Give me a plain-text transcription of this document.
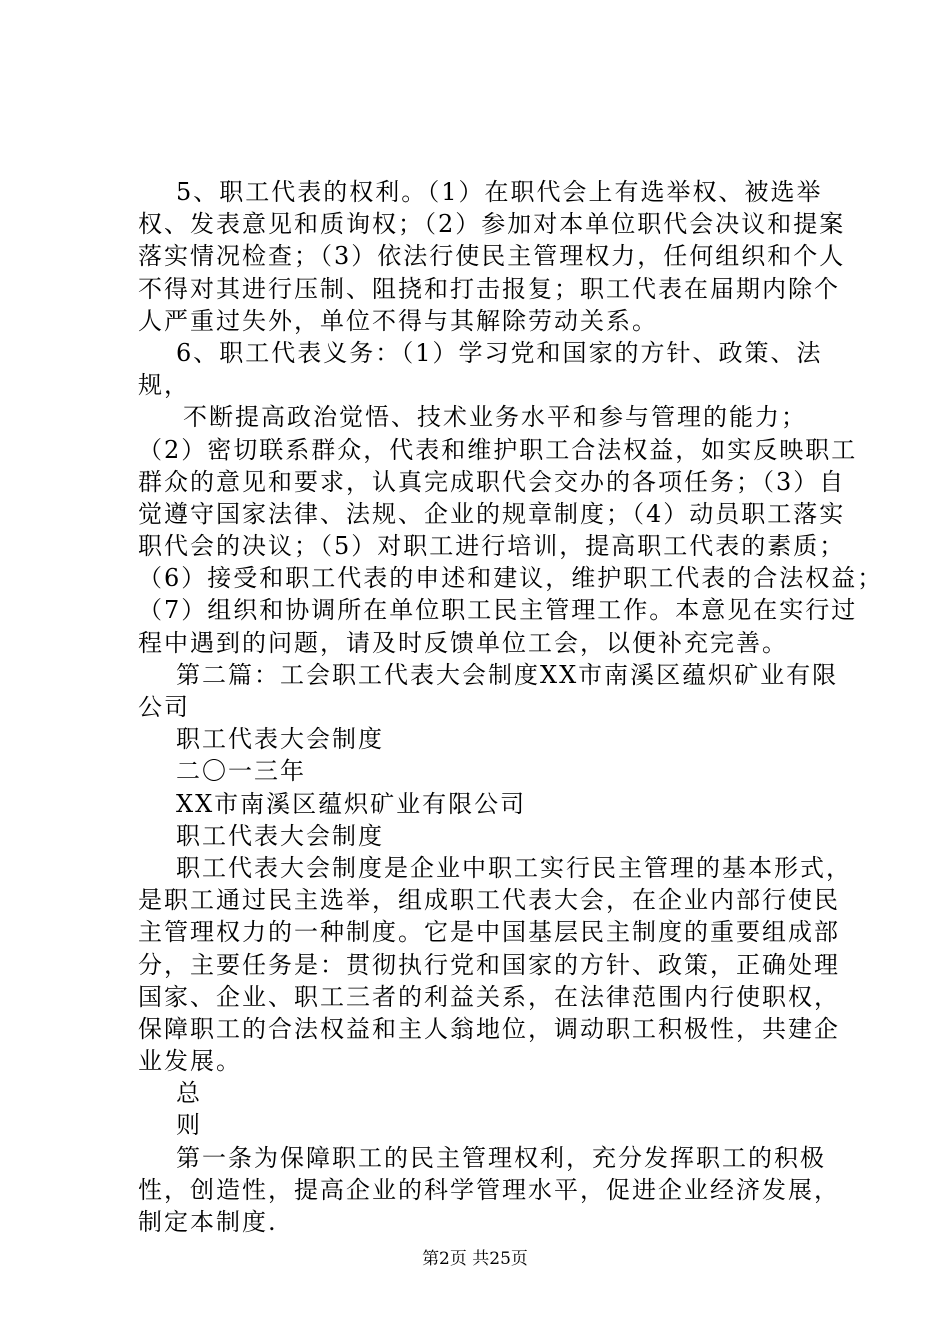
5、职工代表的权利。（1）在职代会上有选举权、被选举
权、发表意见和质询权；（2）参加对本单位职代会决议和提案
落实情况检查；（3）依法行使民主管理权力，任何组织和个人
不得对其进行压制、阻挠和打击报复；职工代表在届期内除个
人严重过失外，单位不得与其解除劳动关系。
6、职工代表义务：（1）学习党和国家的方针、政策、法
规，
不断提高政治觉悟、技术业务水平和参与管理的能力；
（2）密切联系群众，代表和维护职工合法权益，如实反映职工
群众的意见和要求，认真完成职代会交办的各项任务；（3）自
觉遵守国家法律、法规、企业的规章制度；（4）动员职工落实
职代会的决议；（5）对职工进行培训，提高职工代表的素质；
（6）接受和职工代表的申述和建议，维护职工代表的合法权益；
（7）组织和协调所在单位职工民主管理工作。本意见在实行过
程中遇到的问题，请及时反馈单位工会，以便补充完善。
第二篇：工会职工代表大会制度XX市南溪区蕴炽矿业有限
公司
职工代表大会制度
二〇一三年
XX市南溪区蕴炽矿业有限公司
职工代表大会制度
职工代表大会制度是企业中职工实行民主管理的基本形式，
是职工通过民主选举，组成职工代表大会，在企业内部行使民
主管理权力的一种制度。它是中国基层民主制度的重要组成部
分，主要任务是：贯彻执行党和国家的方针、政策，正确处理
国家、企业、职工三者的利益关系，在法律范围内行使职权，
保障职工的合法权益和主人翁地位，调动职工积极性，共建企
业发展。
总
则
第一条为保障职工的民主管理权利，充分发挥职工的积极
性，创造性，提高企业的科学管理水平，促进企业经济发展，
制定本制度.
第2页 共25页
